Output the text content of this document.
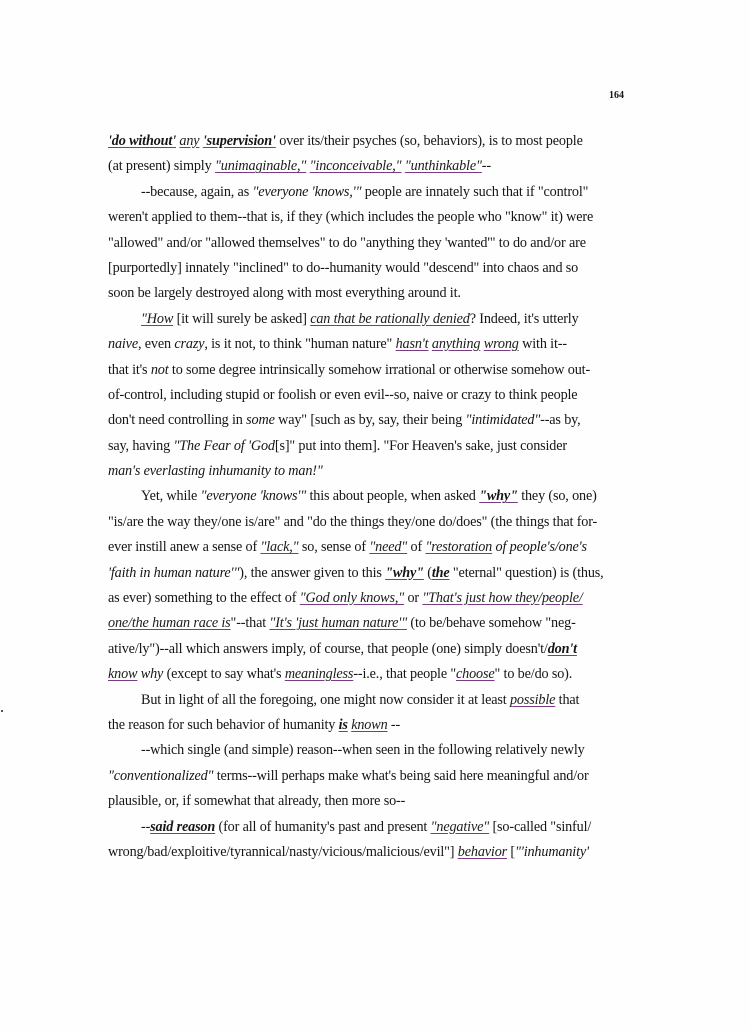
164
'do without' any 'supervision' over its/their psyches (so, behaviors), is to most people
(at present) simply "unimaginable," "inconceivable," "unthinkable"--
--because, again, as "everyone 'knows,'" people are innately such that if "control"
weren't applied to them--that is, if they (which includes the people who "know" it) were
"allowed" and/or "allowed themselves" to do "anything they 'wanted'" to do and/or are
[purportedly] innately "inclined" to do--humanity would "descend" into chaos and so
soon be largely destroyed along with most everything around it.
"How [it will surely be asked] can that be rationally denied? Indeed, it's utterly
naive, even crazy, is it not, to think "human nature" hasn't anything wrong with it--
that it's not to some degree intrinsically somehow irrational or otherwise somehow out-
of-control, including stupid or foolish or even evil--so, naive or crazy to think people
don't need controlling in some way" [such as by, say, their being "intimidated"--as by,
say, having "The Fear of 'God[s]" put into them]. "For Heaven's sake, just consider
man's everlasting inhumanity to man!"
Yet, while "everyone 'knows'" this about people, when asked "why" they (so, one)
"is/are the way they/one is/are" and "do the things they/one do/does" (the things that for-
ever instill anew a sense of "lack," so, sense of "need" of "restoration of people's/one's
'faith in human nature'"), the answer given to this "why" (the "eternal" question) is (thus,
as ever) something to the effect of "God only knows," or "That's just how they/people/
one/the human race is"--that "It's 'just human nature'" (to be/behave somehow "neg-
ative/ly")--all which answers imply, of course, that people (one) simply doesn't/don't
know why (except to say what's meaningless--i.e., that people "choose" to be/do so).
But in light of all the foregoing, one might now consider it at least possible that
the reason for such behavior of humanity is known --
--which single (and simple) reason--when seen in the following relatively newly
"conventionalized" terms--will perhaps make what's being said here meaningful and/or
plausible, or, if somewhat that already, then more so--
--said reason (for all of humanity's past and present "negative" [so-called "sinful/
wrong/bad/exploitive/tyrannical/nasty/vicious/malicious/evil"] behavior ["'inhumanity'
